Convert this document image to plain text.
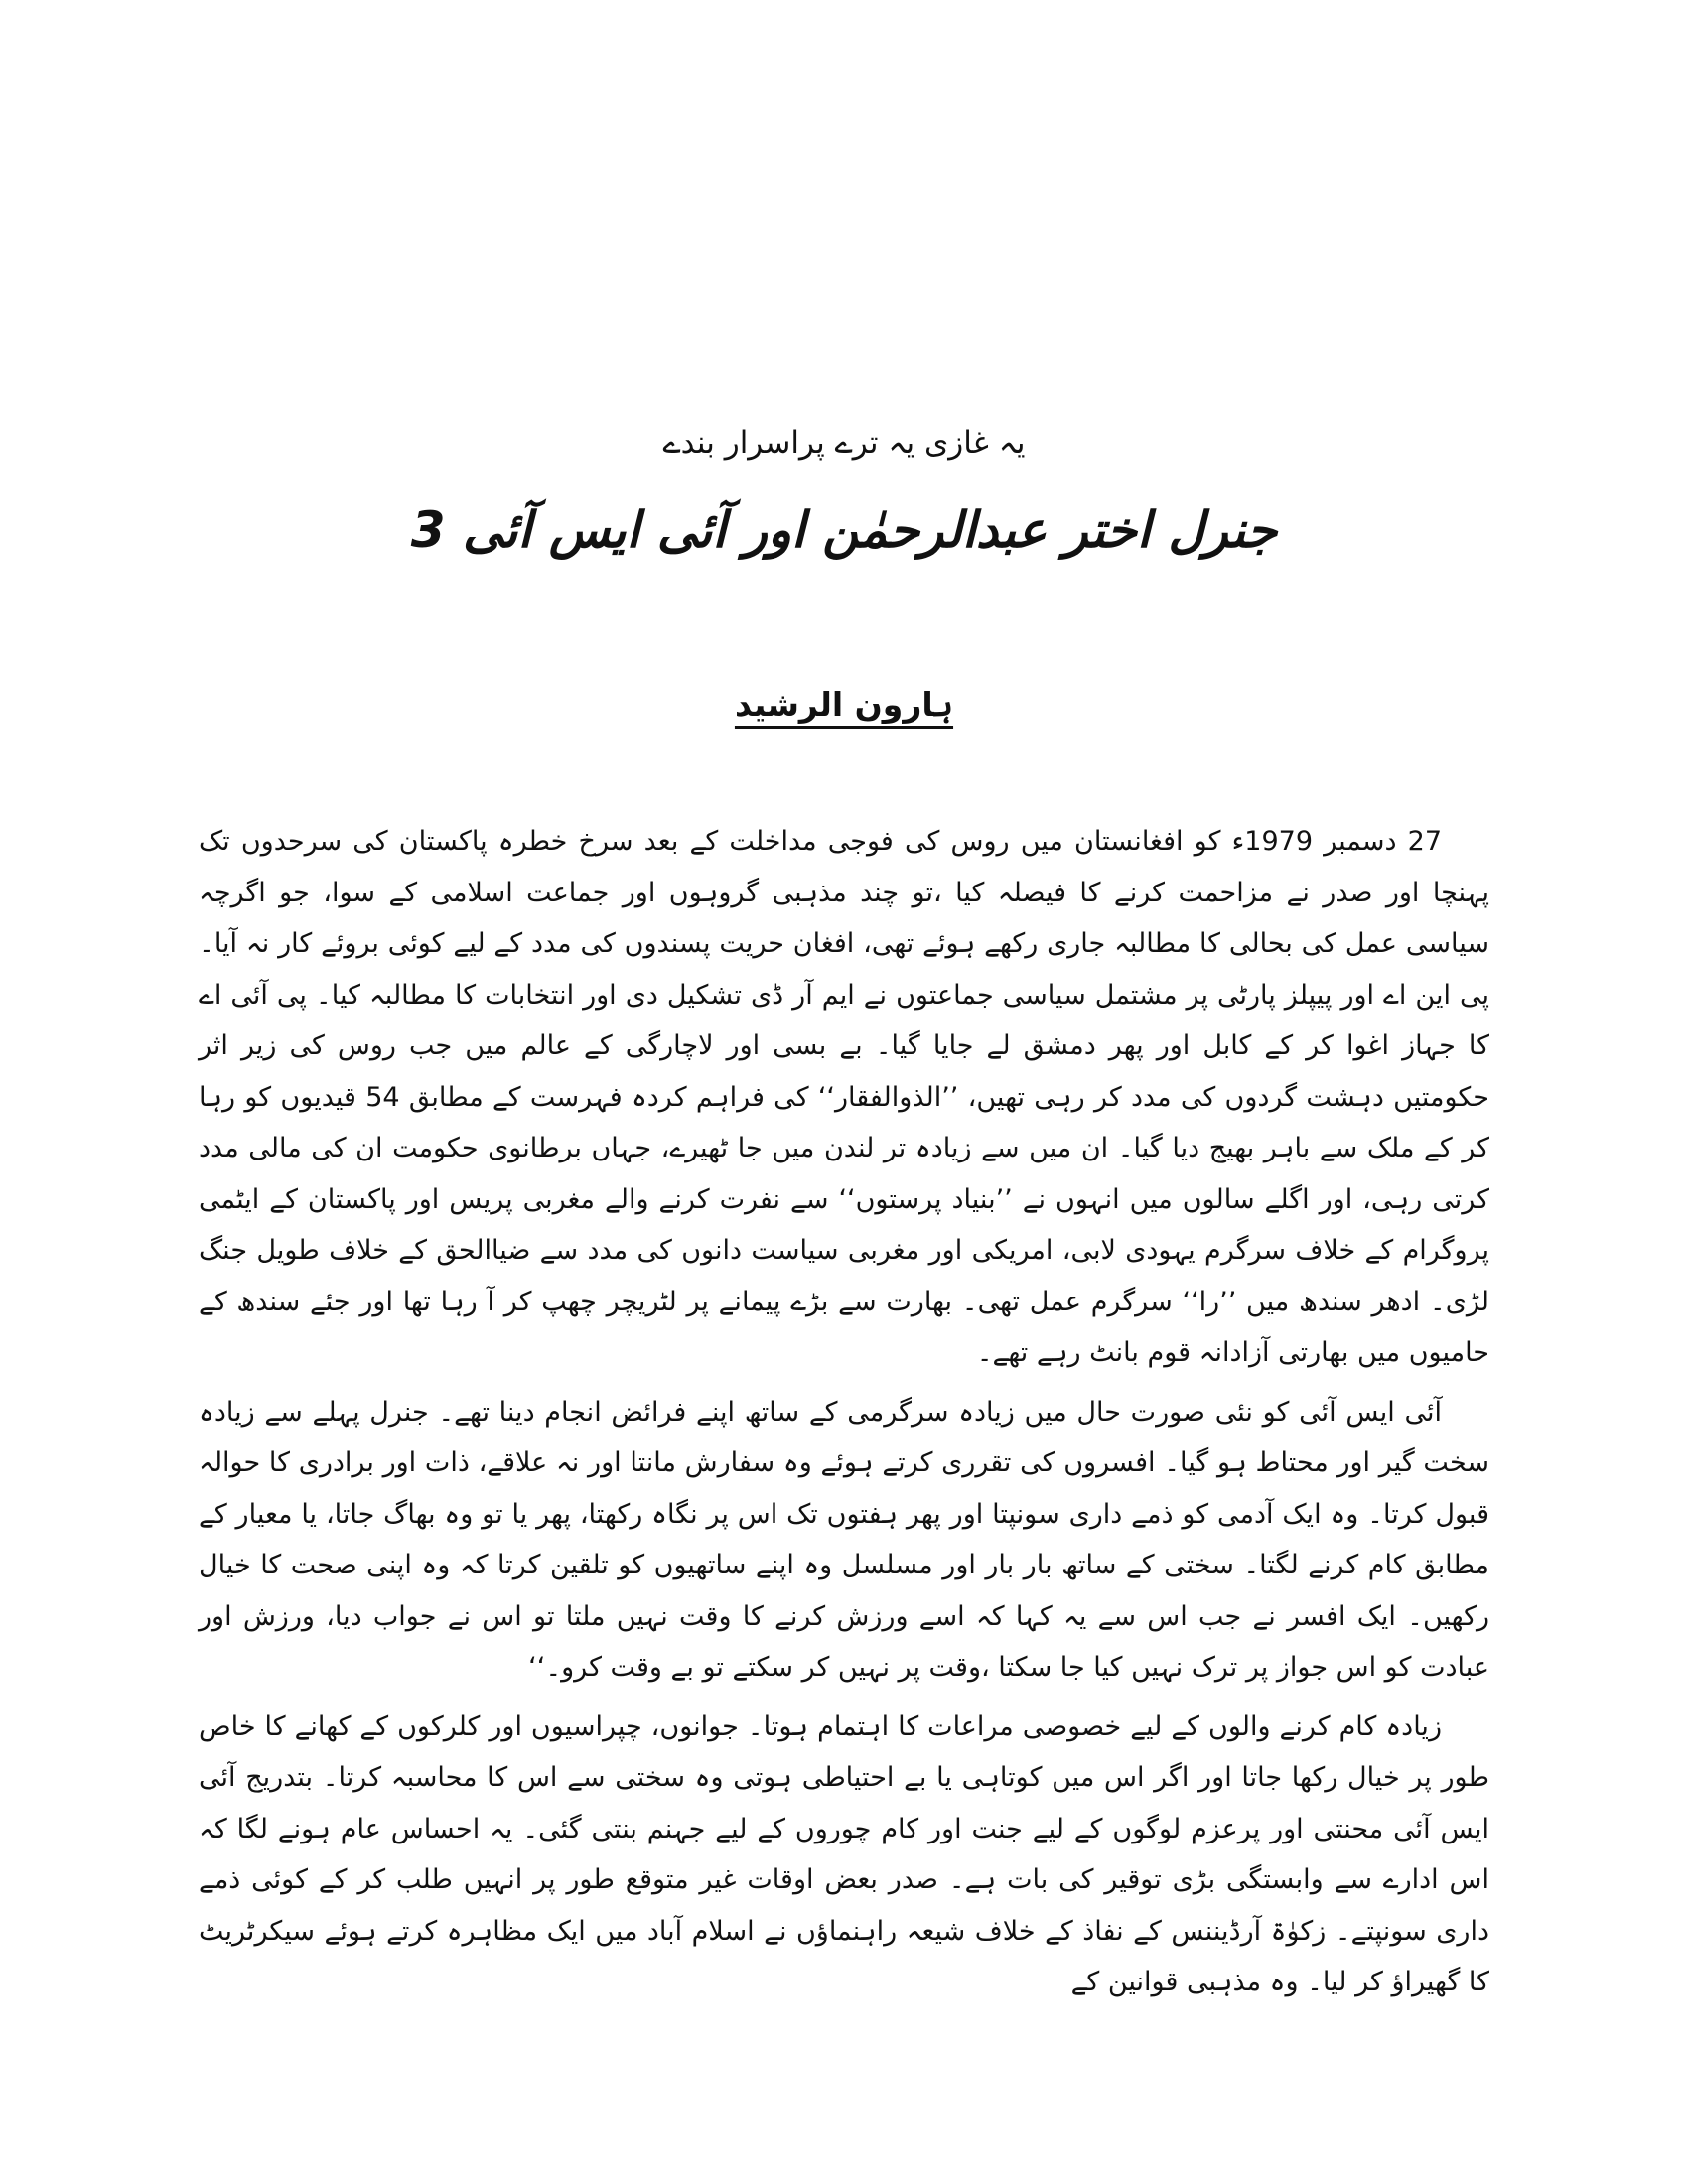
یہ غازی یہ ترے پراسرار بندے

جنرل اختر عبدالرحمٰن اور آئی ایس آئی 3

ہارون الرشید

27 دسمبر 1979ء کو افغانستان میں روس کی فوجی مداخلت کے بعد سرخ خطرہ پاکستان کی سرحدوں تک پہنچا اور صدر نے مزاحمت کرنے کا فیصلہ کیا ،تو چند مذہبی گروہوں اور جماعت اسلامی کے سوا، جو اگرچہ سیاسی عمل کی بحالی کا مطالبہ جاری رکھے ہوئے تھی، افغان حریت پسندوں کی مدد کے لیے کوئی بروئے کار نہ آیا۔ پی این اے اور پیپلز پارٹی پر مشتمل سیاسی جماعتوں نے ایم آر ڈی تشکیل دی اور انتخابات کا مطالبہ کیا۔ پی آئی اے کا جہاز اغوا کر کے کابل اور پھر دمشق لے جایا گیا۔ بے بسی اور لاچارگی کے عالم میں جب روس کی زیر اثر حکومتیں دہشت گردوں کی مدد کر رہی تھیں، ’’الذوالفقار‘‘ کی فراہم کردہ فہرست کے مطابق 54 قیدیوں کو رہا کر کے ملک سے باہر بھیج دیا گیا۔ ان میں سے زیادہ تر لندن میں جا ٹھیرے، جہاں برطانوی حکومت ان کی مالی مدد کرتی رہی، اور اگلے سالوں میں انہوں نے ’’بنیاد پرستوں‘‘ سے نفرت کرنے والے مغربی پریس اور پاکستان کے ایٹمی پروگرام کے خلاف سرگرم یہودی لابی، امریکی اور مغربی سیاست دانوں کی مدد سے ضیاالحق کے خلاف طویل جنگ لڑی۔ ادھر سندھ میں ’’را‘‘ سرگرم عمل تھی۔ بھارت سے بڑے پیمانے پر لٹریچر چھپ کر آ رہا تھا اور جئے سندھ کے حامیوں میں بھارتی آزادانہ قوم بانٹ رہے تھے۔

آئی ایس آئی کو نئی صورت حال میں زیادہ سرگرمی کے ساتھ اپنے فرائض انجام دینا تھے۔ جنرل پہلے سے زیادہ سخت گیر اور محتاط ہو گیا۔ افسروں کی تقرری کرتے ہوئے وہ سفارش مانتا اور نہ علاقے، ذات اور برادری کا حوالہ قبول کرتا۔ وہ ایک آدمی کو ذمے داری سونپتا اور پھر ہفتوں تک اس پر نگاہ رکھتا، پھر یا تو وہ بھاگ جاتا، یا معیار کے مطابق کام کرنے لگتا۔ سختی کے ساتھ بار بار اور مسلسل وہ اپنے ساتھیوں کو تلقین کرتا کہ وہ اپنی صحت کا خیال رکھیں۔ ایک افسر نے جب اس سے یہ کہا کہ اسے ورزش کرنے کا وقت نہیں ملتا تو اس نے جواب دیا، ورزش اور عبادت کو اس جواز پر ترک نہیں کیا جا سکتا ،وقت پر نہیں کر سکتے تو بے وقت کرو۔‘‘

زیادہ کام کرنے والوں کے لیے خصوصی مراعات کا اہتمام ہوتا۔ جوانوں، چپراسیوں اور کلرکوں کے کھانے کا خاص طور پر خیال رکھا جاتا اور اگر اس میں کوتاہی یا بے احتیاطی ہوتی وہ سختی سے اس کا محاسبہ کرتا۔ بتدریج آئی ایس آئی محنتی اور پرعزم لوگوں کے لیے جنت اور کام چوروں کے لیے جہنم بنتی گئی۔ یہ احساس عام ہونے لگا کہ اس ادارے سے وابستگی بڑی توقیر کی بات ہے۔ صدر بعض اوقات غیر متوقع طور پر انہیں طلب کر کے کوئی ذمے داری سونپتے۔ زکوٰۃ آرڈیننس کے نفاذ کے خلاف شیعہ راہنماؤں نے اسلام آباد میں ایک مظاہرہ کرتے ہوئے سیکرٹریٹ کا گھیراؤ کر لیا۔ وہ مذہبی قوانین کے
